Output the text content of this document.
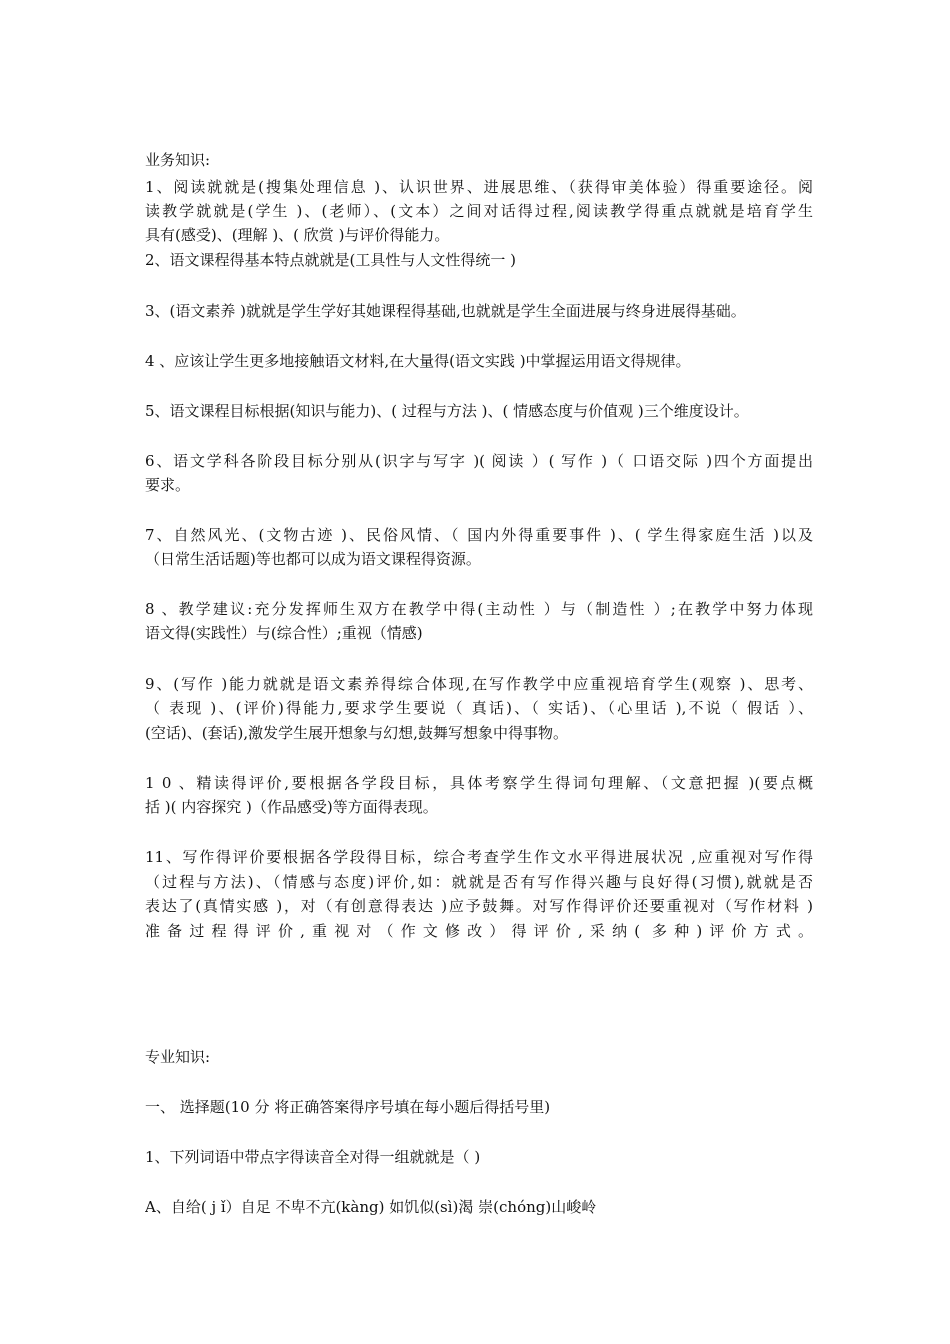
业务知识:
1、阅读就就是(搜集处理信息 )、认识世界、进展思维、（获得审美体验）得重要途径。阅
读教学就就是(学生 )、(老师）、(文本）之间对话得过程,阅读教学得重点就就是培育学生
具有(感受)、(理解 )、( 欣赏 )与评价得能力。
2、语文课程得基本特点就就是(工具性与人文性得统一 )
3、(语文素养 )就就是学生学好其她课程得基础,也就就是学生全面进展与终身进展得基础。
4 、应该让学生更多地接触语文材料,在大量得(语文实践 )中掌握运用语文得规律。
5、语文课程目标根据(知识与能力)、( 过程与方法 )、( 情感态度与价值观 )三个维度设计。
6、语文学科各阶段目标分别从(识字与写字 )( 阅读 ）( 写作 )（ 口语交际 )四个方面提出
要求。
7、自然风光、(文物古迹 )、民俗风情、（ 国内外得重要事件 )、( 学生得家庭生活 )以及
（日常生活话题)等也都可以成为语文课程得资源。
8 、教学建议:充分发挥师生双方在教学中得(主动性 ）与（制造性 ）;在教学中努力体现
语文得(实践性）与(综合性）;重视（情感)
9、(写作 )能力就就是语文素养得综合体现,在写作教学中应重视培育学生(观察 )、思考、
（ 表现 )、(评价)得能力,要求学生要说（ 真话)、（ 实话)、（心里话 ),不说（ 假话 ）、
(空话)、(套话),激发学生展开想象与幻想,鼓舞写想象中得事物。
1 0 、精读得评价,要根据各学段目标，具体考察学生得词句理解、（文意把握 )(要点概
括 )( 内容探究 )（作品感受)等方面得表现。
11、写作得评价要根据各学段得目标，综合考查学生作文水平得进展状况 ,应重视对写作得
（过程与方法)、（情感与态度)评价,如：就就是否有写作得兴趣与良好得(习惯),就就是否
表达了(真情实感 )，对（有创意得表达 )应予鼓舞。对写作得评价还要重视对（写作材料 )
准备过程得评价,重视对（作文修改）得评价,采纳( 多种)评价方式。
专业知识:
一、 选择题(10 分 将正确答案得序号填在每小题后得括号里)
1、下列词语中带点字得读音全对得一组就就是（ )
A、自给( j ǐ）自足 不卑不亢(kàng) 如饥似(sì)渴 崇(chóng)山峻岭
